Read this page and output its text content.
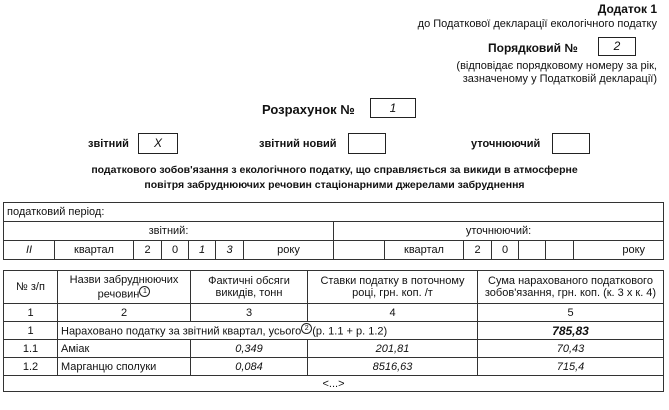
Додаток 1
до Податкової декларації екологічного податку
Порядковий №	2
(відповідає порядковому номеру за рік,
зазначеному у Податковій декларації)
Розрахунок №	1
звітний	X	звітний новий	уточнюючий
податкового зобов'язання з екологічного податку, що справляється за викиди в атмосферне
повітря забруднюючих речовин стаціонарними джерелами забруднення
податковий період:													
звітний:							уточнюючий:						
II	квартал	2	0	1	3	року		квартал	2	0			року
№ з/п	Назви забруднюючих речовин 1	Фактичні обсяги викидів, тонн	Ставки податку в поточному році, грн. коп. /т	Сума нарахованого податкового зобов'язання, грн. коп. (к. 3 х к. 4)
1	2	3	4	5
1	Нараховано податку за звітний квартал, усього 2 (р. 1.1 + р. 1.2)			785,83
1.1	Аміак	0,349	201,81	70,43
1.2	Марганцю сполуки	0,084	8516,63	715,4
<...>				
